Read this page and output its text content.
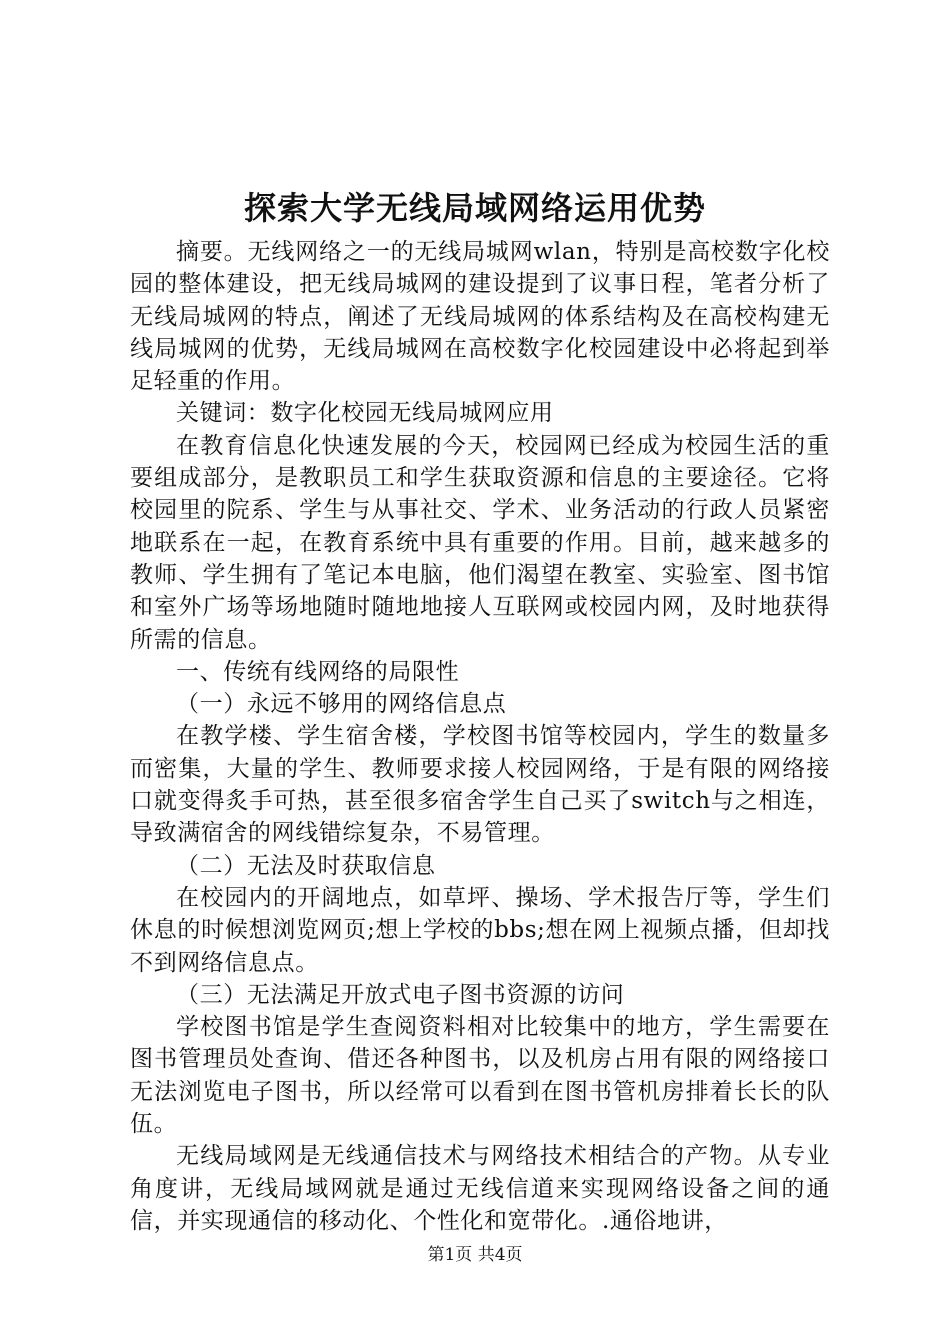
探索大学无线局域网络运用优势

摘要。无线网络之一的无线局城网wlan，特别是高校数字化校园的整体建设，把无线局城网的建设提到了议事日程，笔者分析了无线局城网的特点，阐述了无线局城网的体系结构及在高校构建无线局城网的优势，无线局城网在高校数字化校园建设中必将起到举足轻重的作用。

关键词：数字化校园无线局城网应用

在教育信息化快速发展的今天，校园网已经成为校园生活的重要组成部分，是教职员工和学生获取资源和信息的主要途径。它将校园里的院系、学生与从事社交、学术、业务活动的行政人员紧密地联系在一起，在教育系统中具有重要的作用。目前，越来越多的教师、学生拥有了笔记本电脑，他们渴望在教室、实验室、图书馆和室外广场等场地随时随地地接人互联网或校园内网，及时地获得所需的信息。

一、传统有线网络的局限性

（一）永远不够用的网络信息点

在教学楼、学生宿舍楼，学校图书馆等校园内，学生的数量多而密集，大量的学生、教师要求接人校园网络，于是有限的网络接口就变得炙手可热，甚至很多宿舍学生自己买了switch与之相连，导致满宿舍的网线错综复杂，不易管理。

（二）无法及时获取信息

在校园内的开阔地点，如草坪、操场、学术报告厅等，学生们休息的时候想浏览网页;想上学校的bbs;想在网上视频点播，但却找不到网络信息点。

（三）无法满足开放式电子图书资源的访问

学校图书馆是学生查阅资料相对比较集中的地方，学生需要在图书管理员处查询、借还各种图书，以及机房占用有限的网络接口无法浏览电子图书，所以经常可以看到在图书管机房排着长长的队伍。

无线局域网是无线通信技术与网络技术相结合的产物。从专业角度讲，无线局域网就是通过无线信道来实现网络设备之间的通信，并实现通信的移动化、个性化和宽带化。.通俗地讲，

第1页 共4页
